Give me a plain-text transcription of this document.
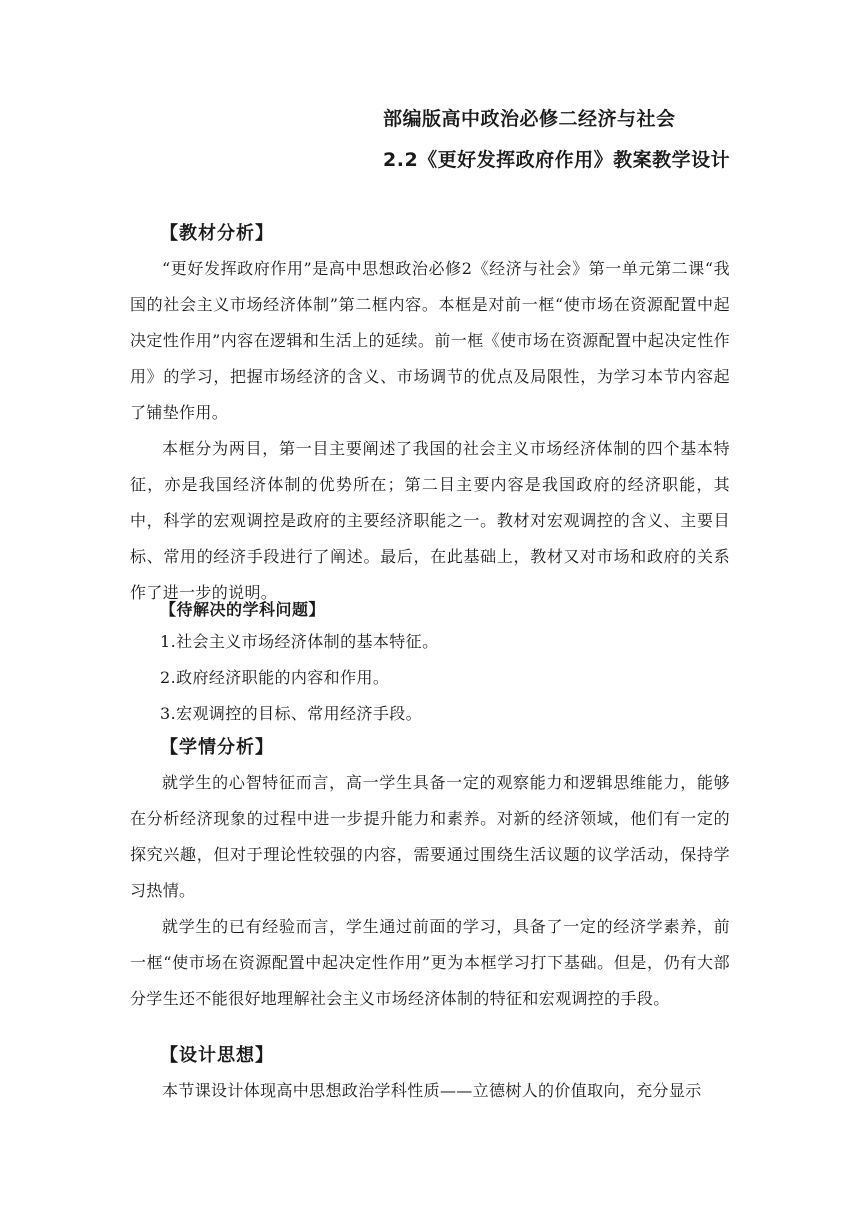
部编版高中政治必修二经济与社会
2.2《更好发挥政府作用》教案教学设计
【教材分析】
“更好发挥政府作用”是高中思想政治必修2《经济与社会》第一单元第二课“我国的社会主义市场经济体制”第二框内容。本框是对前一框“使市场在资源配置中起决定性作用”内容在逻辑和生活上的延续。前一框《使市场在资源配置中起决定性作用》的学习，把握市场经济的含义、市场调节的优点及局限性，为学习本节内容起了铺垫作用。
本框分为两目，第一目主要阐述了我国的社会主义市场经济体制的四个基本特征，亦是我国经济体制的优势所在；第二目主要内容是我国政府的经济职能，其中，科学的宏观调控是政府的主要经济职能之一。教材对宏观调控的含义、主要目标、常用的经济手段进行了阐述。最后，在此基础上，教材又对市场和政府的关系作了进一步的说明。
【待解决的学科问题】
1.社会主义市场经济体制的基本特征。
2.政府经济职能的内容和作用。
3.宏观调控的目标、常用经济手段。
【学情分析】
就学生的心智特征而言，高一学生具备一定的观察能力和逻辑思维能力，能够在分析经济现象的过程中进一步提升能力和素养。对新的经济领域，他们有一定的探究兴趣，但对于理论性较强的内容，需要通过围绕生活议题的议学活动，保持学习热情。
就学生的已有经验而言，学生通过前面的学习，具备了一定的经济学素养，前一框“使市场在资源配置中起决定性作用”更为本框学习打下基础。但是，仍有大部分学生还不能很好地理解社会主义市场经济体制的特征和宏观调控的手段。
【设计思想】
本节课设计体现高中思想政治学科性质——立德树人的价值取向，充分显示
